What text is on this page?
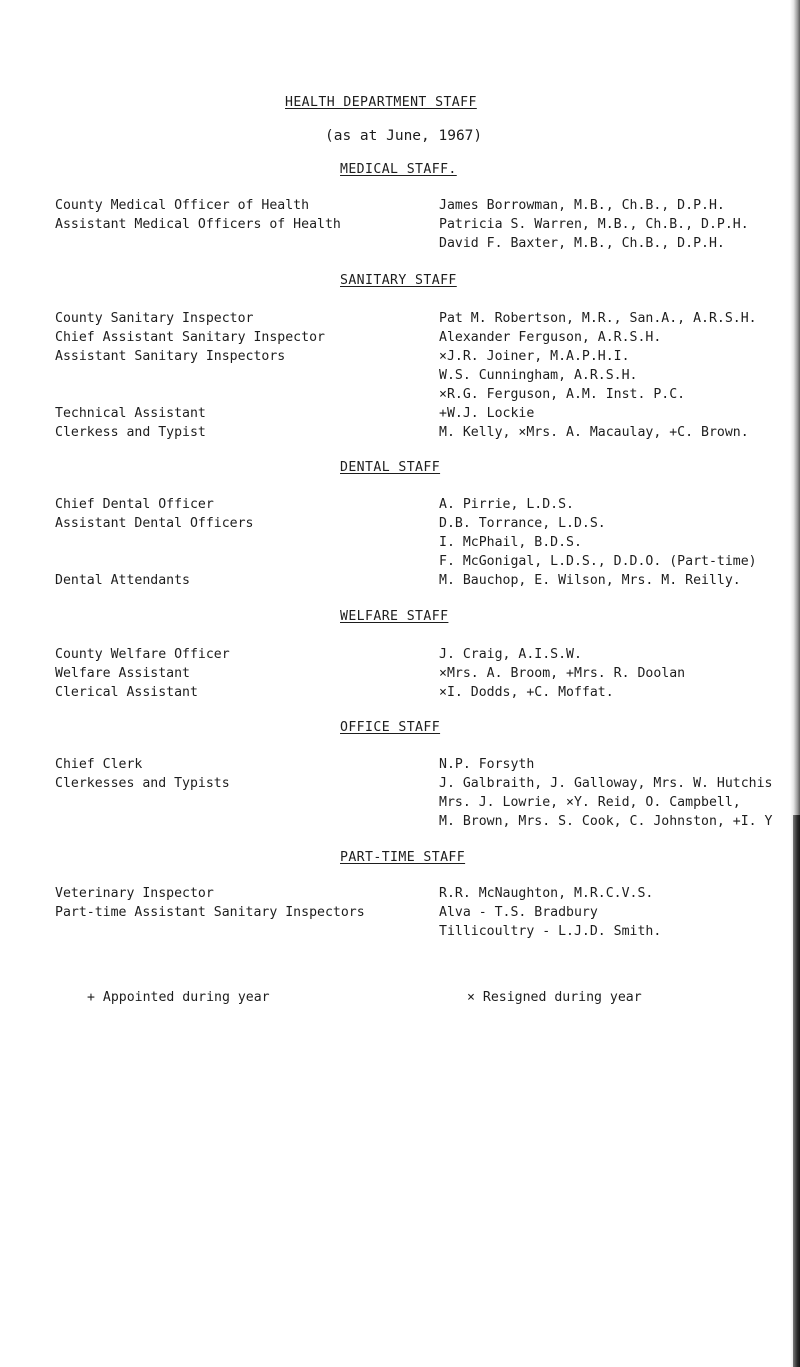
HEALTH DEPARTMENT STAFF
(as at June, 1967)
MEDICAL STAFF.
County Medical Officer of Health	James Borrowman, M.B., Ch.B., D.P.H.
Assistant Medical Officers of Health	Patricia S. Warren, M.B., Ch.B., D.P.H.
David F. Baxter, M.B., Ch.B., D.P.H.
SANITARY STAFF
County Sanitary Inspector	Pat M. Robertson, M.R., San.A., A.R.S.H.
Chief Assistant Sanitary Inspector	Alexander Ferguson, A.R.S.H.
Assistant Sanitary Inspectors	×J.R. Joiner, M.A.P.H.I.
W.S. Cunningham, A.R.S.H.
×R.G. Ferguson, A.M. Inst. P.C.
Technical Assistant	+W.J. Lockie
Clerkess and Typist	M. Kelly, ×Mrs. A. Macaulay, +C. Brown.
DENTAL STAFF
Chief Dental Officer	A. Pirrie, L.D.S.
Assistant Dental Officers	D.B. Torrance, L.D.S.
I. McPhail, B.D.S.
F. McGonigal, L.D.S., D.D.O. (Part-time)
Dental Attendants	M. Bauchop, E. Wilson, Mrs. M. Reilly.
WELFARE STAFF
County Welfare Officer	J. Craig, A.I.S.W.
Welfare Assistant	×Mrs. A. Broom, +Mrs. R. Doolan
Clerical Assistant	×I. Dodds, +C. Moffat.
OFFICE STAFF
Chief Clerk	N.P. Forsyth
Clerkesses and Typists	J. Galbraith, J. Galloway, Mrs. W. Hutchis
Mrs. J. Lowrie, ×Y. Reid, O. Campbell,
M. Brown, Mrs. S. Cook, C. Johnston, +I. Y
PART-TIME STAFF
Veterinary Inspector	R.R. McNaughton, M.R.C.V.S.
Part-time Assistant Sanitary Inspectors	Alva - T.S. Bradbury
Tillicoultry - L.J.D. Smith.
+ Appointed during year	× Resigned during year
